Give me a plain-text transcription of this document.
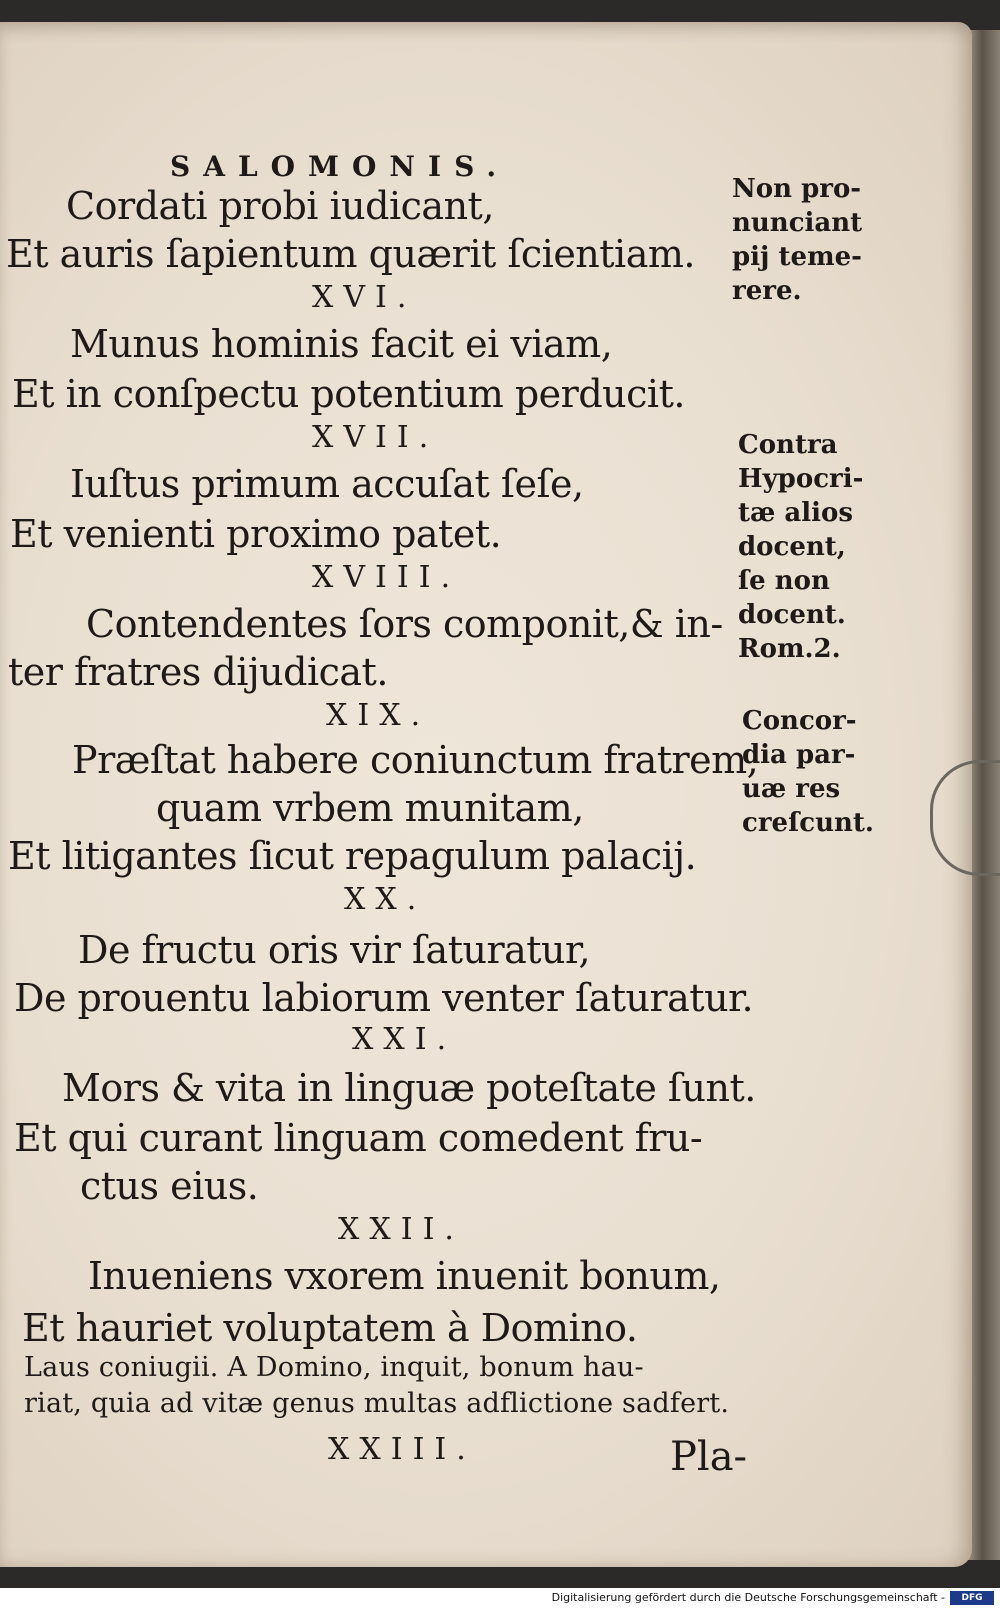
SALOMONIS.
Cordati probi iudicant,
Et auris ſapientum quærit ſcientiam.
XVI.
Munus hominis facit ei viam,
Et in conſpectu potentium perducit.
XVII.
Iuſtus primum accuſat ſeſe,
Et venienti proximo patet.
XVIII.
Contendentes ſors componit,& in-
ter fratres dijudicat.
XIX.
Præſtat habere coniunctum fratrem,
quam vrbem munitam,
Et litigantes ſicut repagulum palacij.
XX.
De fructu oris vir ſaturatur,
De prouentu labiorum venter ſaturatur.
XXI.
Mors & vita in linguæ poteſtate ſunt.
Et qui curant linguam comedent fru-
ctus eius.
XXII.
Inueniens vxorem inuenit bonum,
Et hauriet voluptatem à Domino.
Laus coniugii. A Domino, inquit, bonum hau-
riat, quia ad vitæ genus multas adflictione sadfert.
XXIII.
Non pro-
nunciant
pij teme-
rere.
Contra
Hypocri-
tæ alios
docent,
ſe non
docent.
Rom.2.
Concor-
dia par-
uæ res
creſcunt.
Pla-
Digitalisierung gefördert durch die Deutsche Forschungsgemeinschaft -	DFG
